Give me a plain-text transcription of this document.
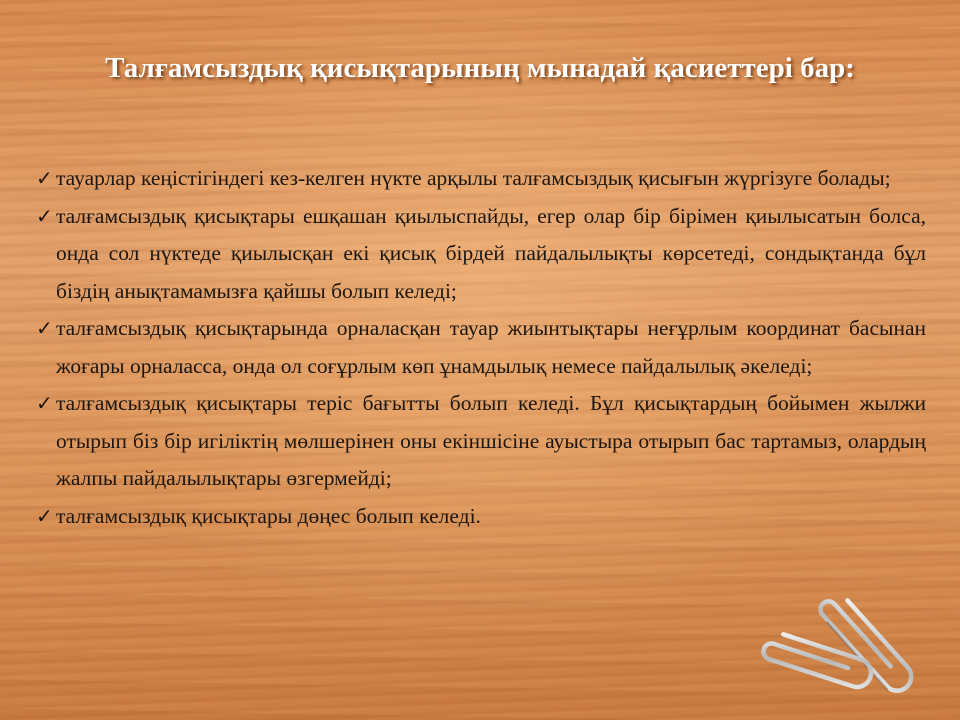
Талғамсыздық қисықтарының мынадай қасиеттері бар:
✓ тауарлар кеңістігіндегі кез-келген нүкте арқылы талғамсыздық қисығын жүргізуге болады;
✓ талғамсыздық қисықтары ешқашан қиылыспайды, егер олар бір бірімен қиылысатын болса, онда сол нүктеде қиылысқан екі қисық бірдей пайдалылықты көрсетеді, сондықтанда бұл біздің анықтамамызға қайшы болып келеді;
✓ талғамсыздық қисықтарында орналасқан тауар жиынтықтары неғұрлым координат басынан жоғары орналасса, онда ол соғұрлым көп ұнамдылық немесе пайдалылық әкеледі;
✓ талғамсыздық қисықтары теріс бағытты болып келеді. Бұл қисықтардың бойымен жылжи отырып біз бір игіліктің мөлшерінен оны екіншісіне ауыстыра отырып бас тартамыз, олардың жалпы пайдалылықтары өзгермейді;
✓ талғамсыздық қисықтары дөңес болып келеді.
